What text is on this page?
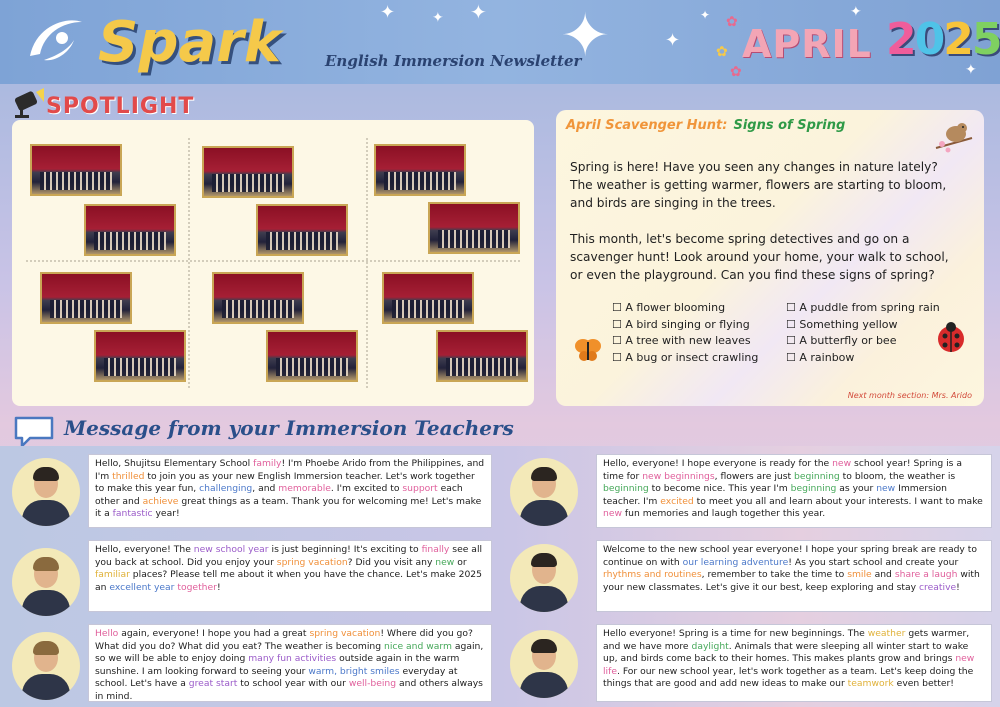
Spark	English Immersion Newsletter
✦	✦ ✦ ✦	✦
✦	✦
✦
✿
✿
✿
APRIL 2025
SPOTLIGHT
April Scavenger Hunt: Signs of Spring

Spring is here! Have you seen any changes in nature lately? The weather is getting warmer, flowers are starting to bloom, and birds are singing in the trees.

This month, let's become spring detectives and go on a scavenger hunt! Look around your home, your walk to school, or even the playground. Can you find these signs of spring?

☐ A flower blooming
☐ A bird singing or flying
☐ A tree with new leaves
☐ A bug or insect crawling
☐ A puddle from spring rain
☐ Something yellow
☐ A butterfly or bee
☐ A rainbow
Next month section: Mrs. Arido
Message from your Immersion Teachers
Hello, Shujitsu Elementary School family! I'm Phoebe Arido from the Philippines, and I'm thrilled to join you as your new English Immersion teacher. Let's work together to make this year fun, challenging, and memorable. I'm excited to support each other and achieve great things as a team. Thank you for welcoming me! Let's make it a fantastic year!
Hello, everyone! The new school year is just beginning! It's exciting to finally see all you back at school. Did you enjoy your spring vacation? Did you visit any new or familiar places? Please tell me about it when you have the chance. Let's make 2025 an excellent year together!
Hello again, everyone! I hope you had a great spring vacation! Where did you go? What did you do? What did you eat? The weather is becoming nice and warm again, so we will be able to enjoy doing many fun activities outside again in the warm sunshine. I am looking forward to seeing your warm, bright smiles everyday at school. Let's have a great start to school year with our well-being and others always in mind.
Hello, everyone! I hope everyone is ready for the new school year! Spring is a time for new beginnings, flowers are just beginning to bloom, the weather is beginning to become nice. This year I'm beginning as your new Immersion teacher. I'm excited to meet you all and learn about your interests. I want to make new fun memories and laugh together this year.
Welcome to the new school year everyone! I hope your spring break are ready to continue on with our learning adventure! As you start school and create your rhythms and routines, remember to take the time to smile and share a laugh with your new classmates. Let's give it our best, keep exploring and stay creative!
Hello everyone! Spring is a time for new beginnings. The weather gets warmer, and we have more daylight. Animals that were sleeping all winter start to wake up, and birds come back to their homes. This makes plants grow and brings new life. For our new school year, let's work together as a team. Let's keep doing the things that are good and add new ideas to make our teamwork even better!
